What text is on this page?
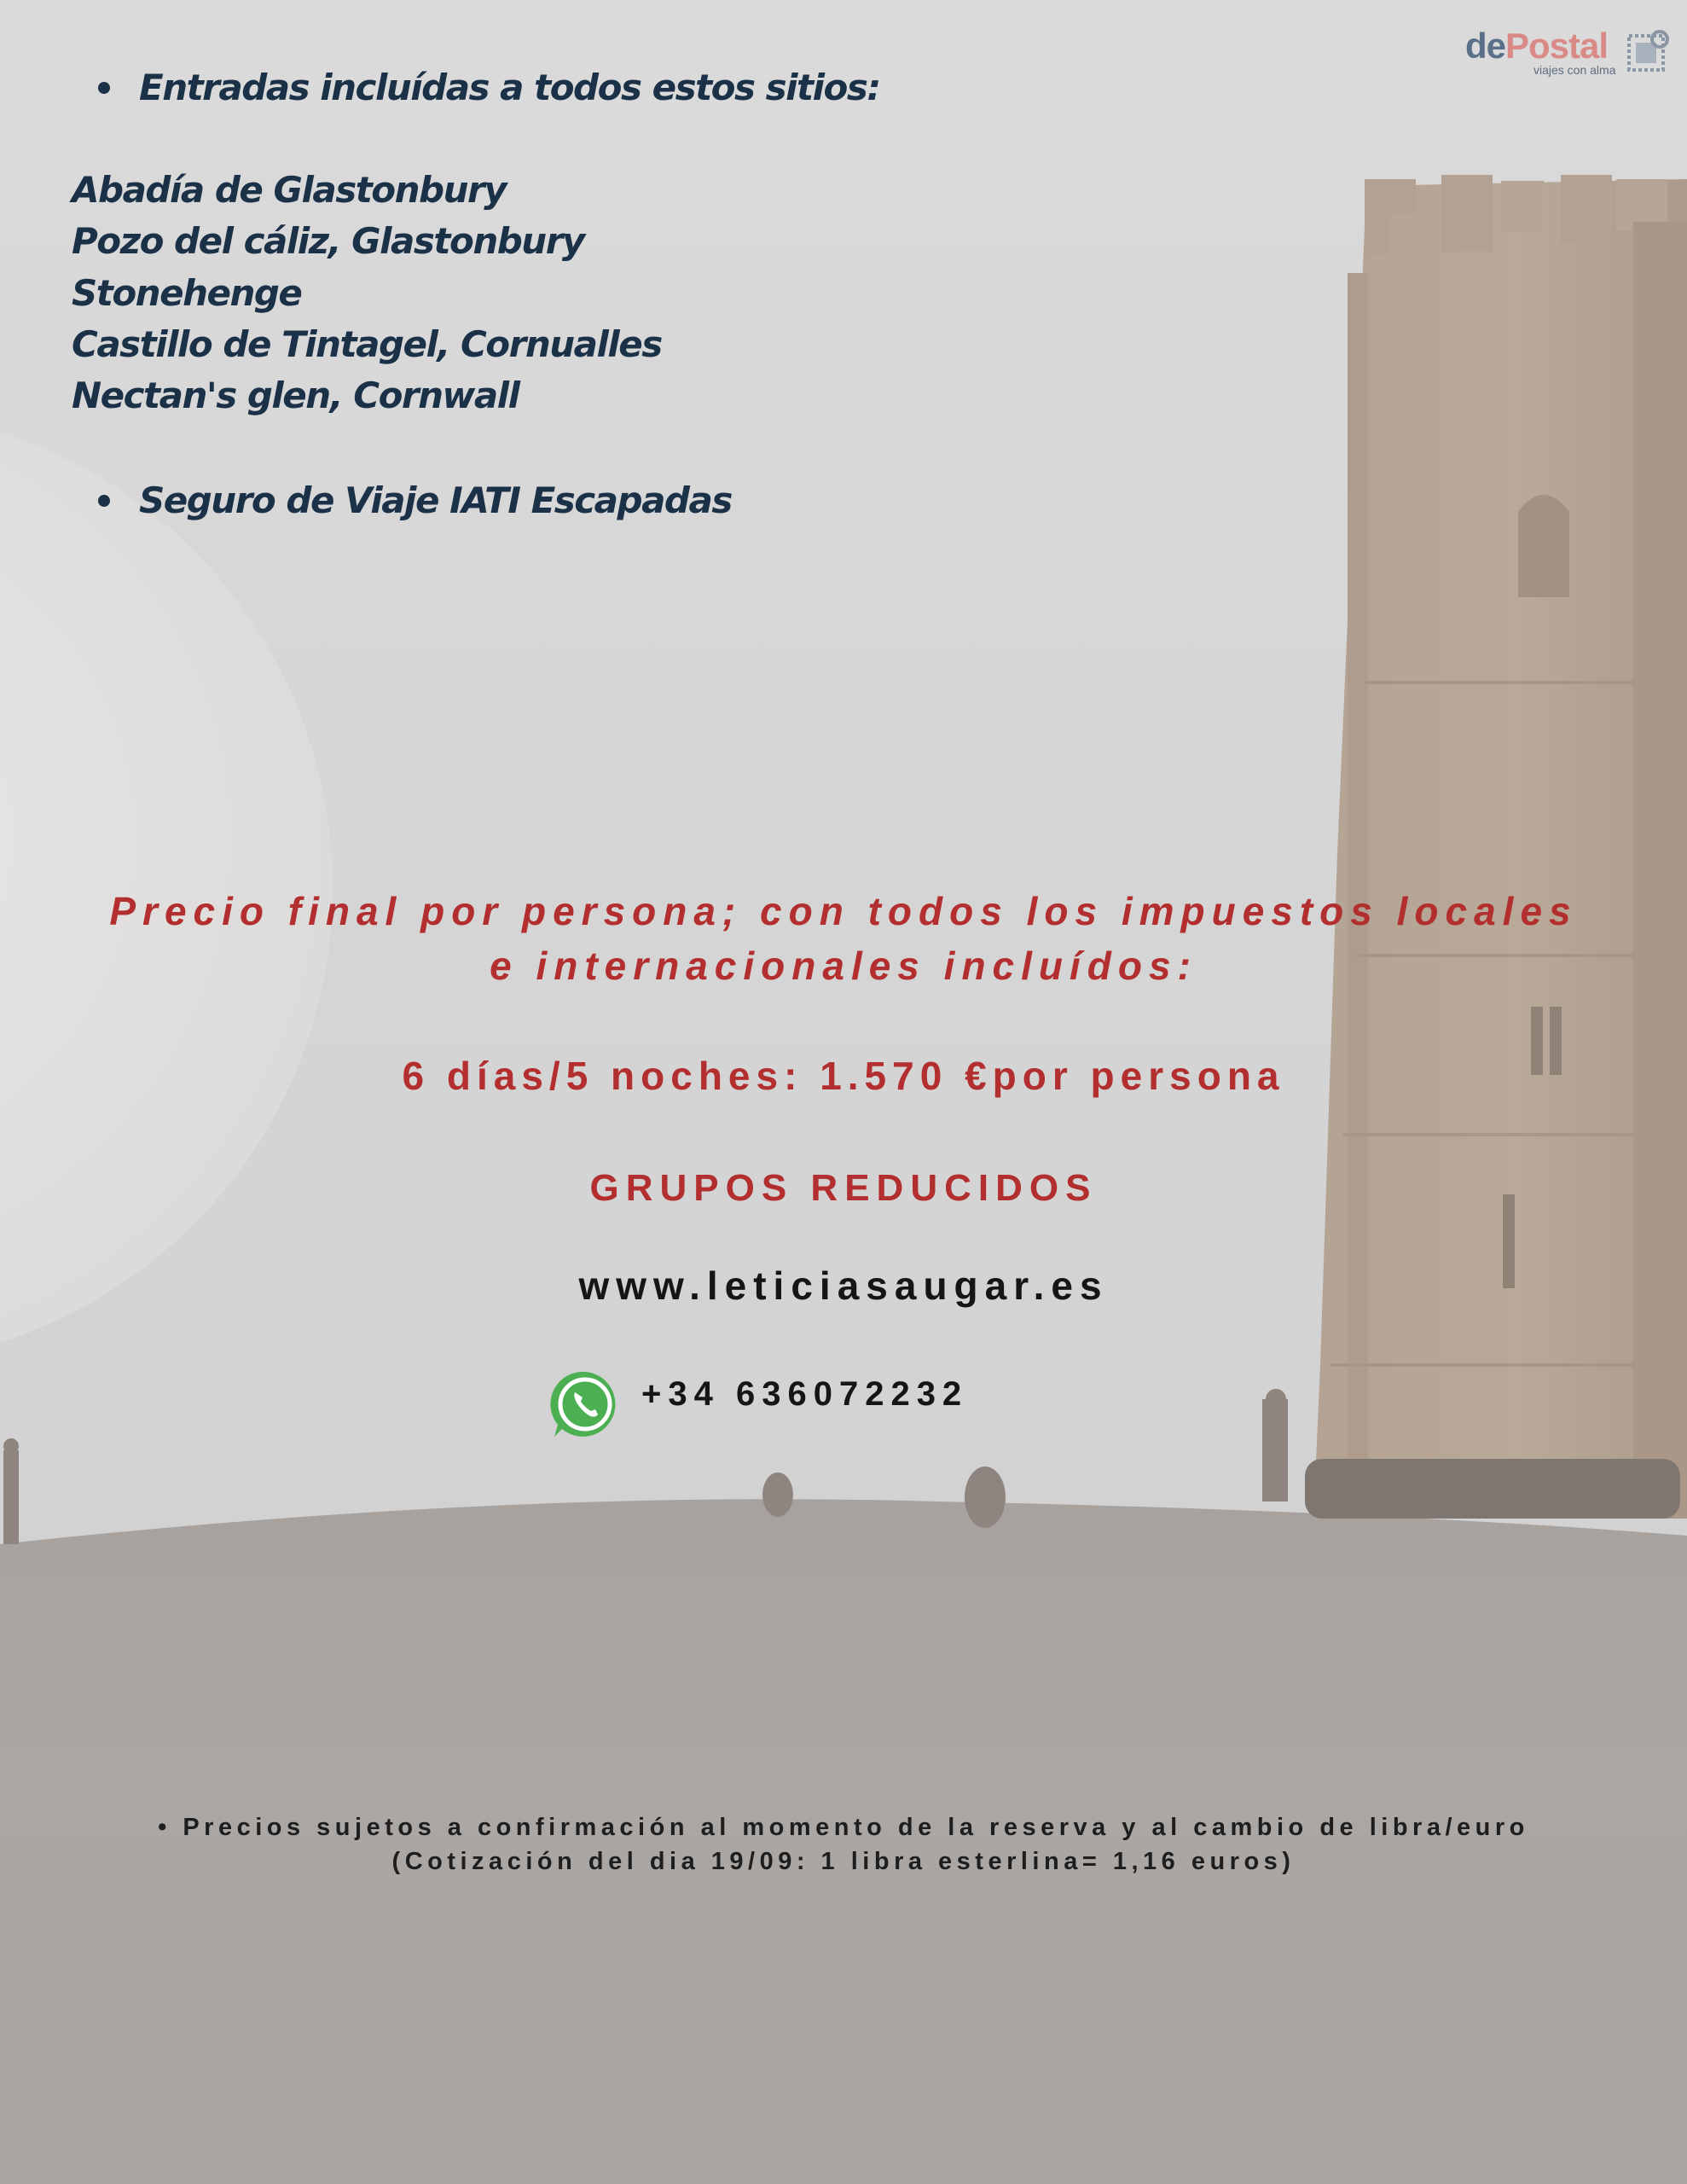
dePostal
viajes con alma
Entradas incluídas a todos estos sitios:
Abadía de Glastonbury
Pozo del cáliz, Glastonbury
Stonehenge
Castillo de Tintagel, Cornualles
Nectan's glen, Cornwall
Seguro de Viaje IATI Escapadas
Precio final por persona; con todos los impuestos locales
e internacionales incluídos:
6 días/5 noches: 1.570 €por persona
GRUPOS REDUCIDOS
www.leticiasaugar.es
+34 636072232
• Precios sujetos a confirmación al momento de la reserva y al cambio de libra/euro
(Cotización del dia 19/09: 1 libra esterlina= 1,16 euros)
